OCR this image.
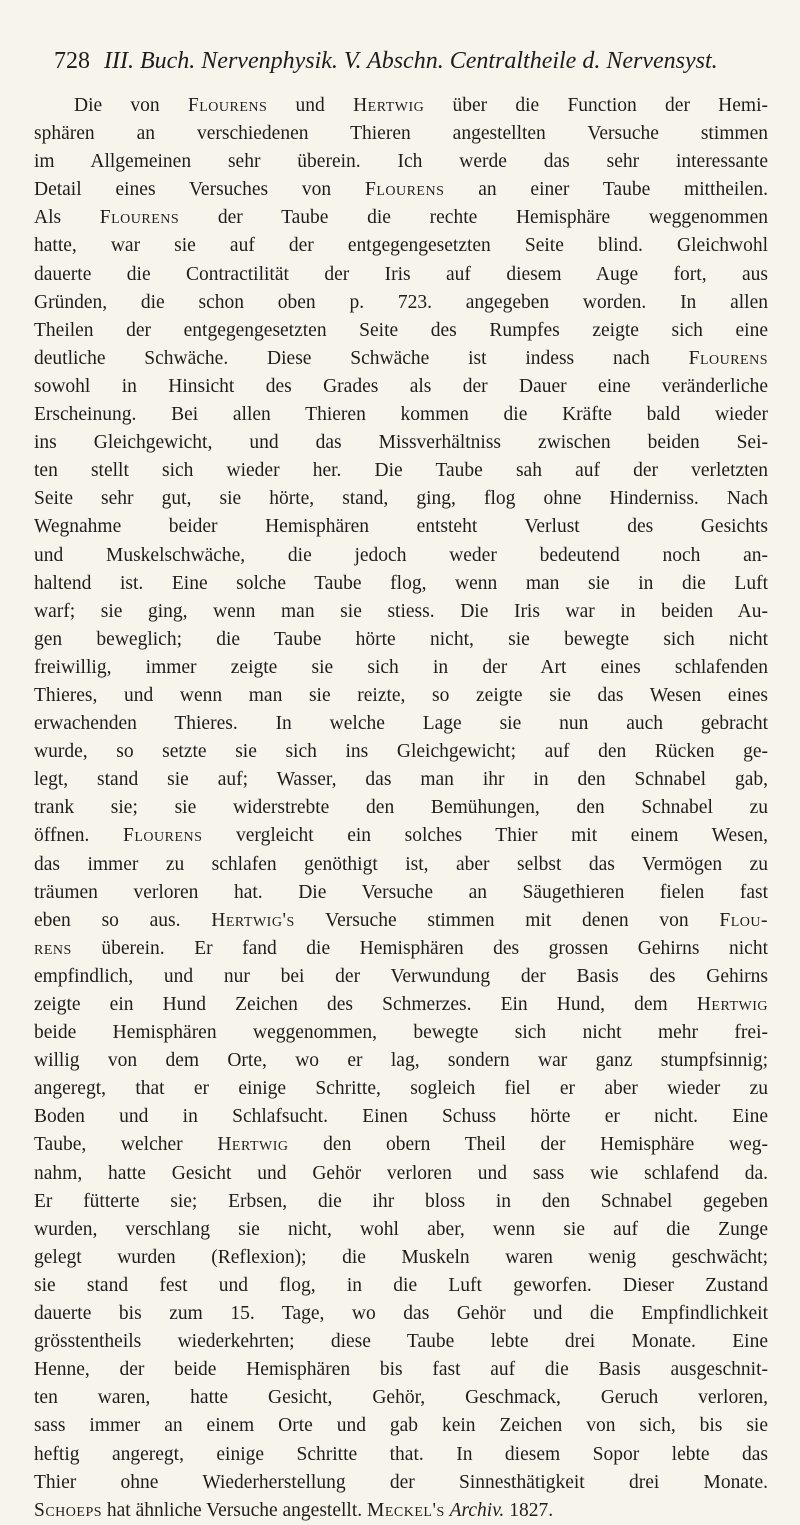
728 III. Buch. Nervenphysik. V. Abschn. Centraltheile d. Nervensyst.
Die von Flourens und Hertwig über die Function der Hemi-
sphären an verschiedenen Thieren angestellten Versuche stimmen
im Allgemeinen sehr überein. Ich werde das sehr interessante
Detail eines Versuches von Flourens an einer Taube mittheilen.
Als Flourens der Taube die rechte Hemisphäre weggenommen
hatte, war sie auf der entgegengesetzten Seite blind. Gleichwohl
dauerte die Contractilität der Iris auf diesem Auge fort, aus
Gründen, die schon oben p. 723. angegeben worden. In allen
Theilen der entgegengesetzten Seite des Rumpfes zeigte sich eine
deutliche Schwäche. Diese Schwäche ist indess nach Flourens
sowohl in Hinsicht des Grades als der Dauer eine veränderliche
Erscheinung. Bei allen Thieren kommen die Kräfte bald wieder
ins Gleichgewicht, und das Missverhältniss zwischen beiden Sei-
ten stellt sich wieder her. Die Taube sah auf der verletzten
Seite sehr gut, sie hörte, stand, ging, flog ohne Hinderniss. Nach
Wegnahme beider Hemisphären entsteht Verlust des Gesichts
und Muskelschwäche, die jedoch weder bedeutend noch an-
haltend ist. Eine solche Taube flog, wenn man sie in die Luft
warf; sie ging, wenn man sie stiess. Die Iris war in beiden Au-
gen beweglich; die Taube hörte nicht, sie bewegte sich nicht
freiwillig, immer zeigte sie sich in der Art eines schlafenden
Thieres, und wenn man sie reizte, so zeigte sie das Wesen eines
erwachenden Thieres. In welche Lage sie nun auch gebracht
wurde, so setzte sie sich ins Gleichgewicht; auf den Rücken ge-
legt, stand sie auf; Wasser, das man ihr in den Schnabel gab,
trank sie; sie widerstrebte den Bemühungen, den Schnabel zu
öffnen. Flourens vergleicht ein solches Thier mit einem Wesen,
das immer zu schlafen genöthigt ist, aber selbst das Vermögen zu
träumen verloren hat. Die Versuche an Säugethieren fielen fast
eben so aus. Hertwig's Versuche stimmen mit denen von Flou-
rens überein. Er fand die Hemisphären des grossen Gehirns nicht
empfindlich, und nur bei der Verwundung der Basis des Gehirns
zeigte ein Hund Zeichen des Schmerzes. Ein Hund, dem Hertwig
beide Hemisphären weggenommen, bewegte sich nicht mehr frei-
willig von dem Orte, wo er lag, sondern war ganz stumpfsinnig;
angeregt, that er einige Schritte, sogleich fiel er aber wieder zu
Boden und in Schlafsucht. Einen Schuss hörte er nicht. Eine
Taube, welcher Hertwig den obern Theil der Hemisphäre weg-
nahm, hatte Gesicht und Gehör verloren und sass wie schlafend da.
Er fütterte sie; Erbsen, die ihr bloss in den Schnabel gegeben
wurden, verschlang sie nicht, wohl aber, wenn sie auf die Zunge
gelegt wurden (Reflexion); die Muskeln waren wenig geschwächt;
sie stand fest und flog, in die Luft geworfen. Dieser Zustand
dauerte bis zum 15. Tage, wo das Gehör und die Empfindlichkeit
grösstentheils wiederkehrten; diese Taube lebte drei Monate. Eine
Henne, der beide Hemisphären bis fast auf die Basis ausgeschnit-
ten waren, hatte Gesicht, Gehör, Geschmack, Geruch verloren,
sass immer an einem Orte und gab kein Zeichen von sich, bis sie
heftig angeregt, einige Schritte that. In diesem Sopor lebte das
Thier ohne Wiederherstellung der Sinnesthätigkeit drei Monate.
Schoeps hat ähnliche Versuche angestellt. Meckel's Archiv. 1827.
